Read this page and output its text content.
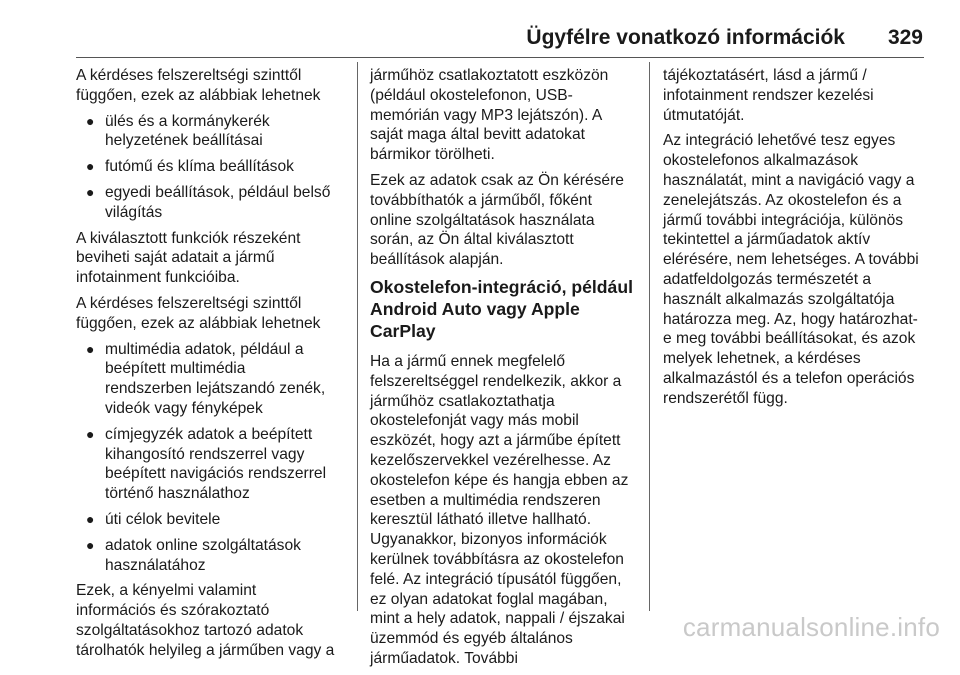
Ügyfélre vonatkozó információk 329

A kérdéses felszereltségi szinttől
függően, ezek az alábbiak lehetnek

● ülés és a kormánykerék
helyzetének beállításai
● futómű és klíma beállítások
● egyedi beállítások, például belső
világítás

A kiválasztott funkciók részeként
beviheti saját adatait a jármű
infotainment funkcióiba.

A kérdéses felszereltségi szinttől
függően, ezek az alábbiak lehetnek

● multimédia adatok, például a
beépített multimédia
rendszerben lejátszandó zenék,
videók vagy fényképek
● címjegyzék adatok a beépített
kihangosító rendszerrel vagy
beépített navigációs rendszerrel
történő használathoz
● úti célok bevitele
● adatok online szolgáltatások
használatához

Ezek, a kényelmi valamint
információs és szórakoztató
szolgáltatásokhoz tartozó adatok
tárolhatók helyileg a járműben vagy a

járműhöz csatlakoztatott eszközön
(például okostelefonon, USB-
memórián vagy MP3 lejátszón). A
saját maga által bevitt adatokat
bármikor törölheti.

Ezek az adatok csak az Ön kérésére
továbbíthatók a járműből, főként
online szolgáltatások használata
során, az Ön által kiválasztott
beállítások alapján.

Okostelefon-integráció, például
Android Auto vagy Apple CarPlay

Ha a jármű ennek megfelelő
felszereltséggel rendelkezik, akkor a
járműhöz csatlakoztathatja
okostelefonját vagy más mobil
eszközét, hogy azt a járműbe épített
kezelőszervekkel vezérelhesse. Az
okostelefon képe és hangja ebben az
esetben a multimédia rendszeren
keresztül látható illetve hallható.
Ugyanakkor, bizonyos információk
kerülnek továbbításra az okostelefon
felé. Az integráció típusától függően,
ez olyan adatokat foglal magában,
mint a hely adatok, nappali / éjszakai
üzemmód és egyéb általános
járműadatok. További

tájékoztatásért, lásd a jármű /
infotainment rendszer kezelési
útmutatóját.

Az integráció lehetővé tesz egyes
okostelefonos alkalmazások
használatát, mint a navigáció vagy a
zenelejátszás. Az okostelefon és a
jármű további integrációja, különös
tekintettel a járműadatok aktív
elérésére, nem lehetséges. A további
adatfeldolgozás természetét a
használt alkalmazás szolgáltatója
határozza meg. Az, hogy határozhat-
e meg további beállításokat, és azok
melyek lehetnek, a kérdéses
alkalmazástól és a telefon operációs
rendszerétől függ.

carmanualsonline.info
